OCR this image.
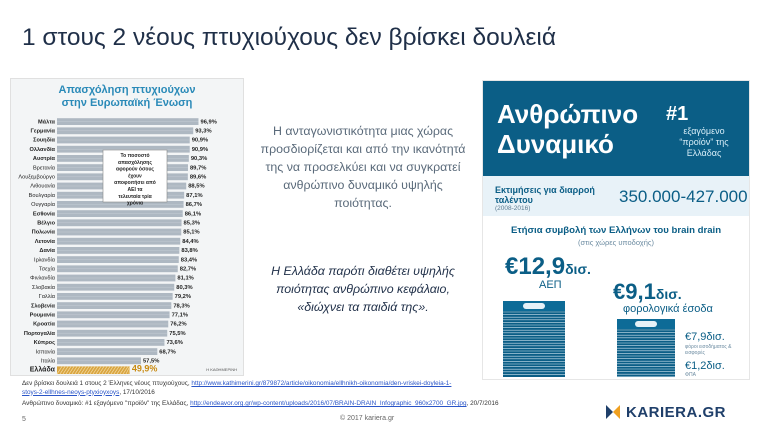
1 στους 2 νέους πτυχιούχους δεν βρίσκει δουλειά
Απασχόληση πτυχιούχων
στην Ευρωπαϊκή Ένωση
Μάλτα	96,9%
Γερμανία	93,3%
Σουηδία	90,9%
Ολλανδία	90,9%
Αυστρία	90,3%
Βρετανία	89,7%
Λουξεμβούργο	89,6%
Λιθουανία	88,5%
Βουλγαρία	87,1%
Ουγγαρία	86,7%
Εσθονία	86,1%
Βέλγιο	85,3%
Πολωνία	85,1%
Λετονία	84,4%
Δανία	83,8%
Ιρλανδία	83,4%
Τσεχία	82,7%
Φινλανδία	81,1%
Σλοβακία	80,3%
Γαλλία	79,2%
Σλοβενία	78,3%
Ρουμανία	77,1%
Κροατία	76,2%
Πορτογαλία	75,5%
Κύπρος	73,6%
Ισπανία	68,7%
Ιταλία	57,5%
Ελλάδα	49,9%
Το ποσοστό
απασχόλησης
αφορούν όσους
έχουν
αποφοιτήσει από
ΑΕΙ τα
τελευταία τρία
χρόνια
Η ΚΑΘΗΜΕΡΙΝΗ
Η ανταγωνιστικότητα μιας χώρας προσδιορίζεται και από την ικανότητά της να προσελκύει και να συγκρατεί ανθρώπινο δυναμικό υψηλής ποιότητας.
Η Ελλάδα παρότι διαθέτει υψηλής ποιότητας ανθρώπινο κεφάλαιο, «διώχνει τα παιδιά της».
Ανθρώπινο
Δυναμικό
#1
εξαγόμενο “προϊόν” της Ελλάδας
Εκτιμήσεις για διαρροή ταλέντου
(2008-2016)
350.000-427.000
Ετήσια συμβολή των Ελλήνων του brain drain
(στις χώρες υποδοχής)
€12,9δισ.
ΑΕΠ €9,1δισ.
φορολογικά έσοδα
€7,9δισ.
φόροι εισοδήματος & εισφορές
€1,2δισ.
ΦΠΑ
Δεν βρίσκει δουλειά 1 στους 2 Έλληνες νέους πτυχιούχους, http://www.kathimerini.gr/879872/article/oikonomia/ellhnikh-oikonomia/den-vriskei-doyleia-1-stoys-2-ellhnes-neoys-ptyxioyxoys, 17/10/2016
Ανθρώπινο δυναμικό: #1 εξαγόμενο "προϊόν" της Ελλάδας, http://endeavor.org.gr/wp-content/uploads/2016/07/BRAIN-DRAIN_Infographic_960x2700_GR.jpg, 20/7/2016
5	© 2017 kariera.gr	KARIERA.GR
